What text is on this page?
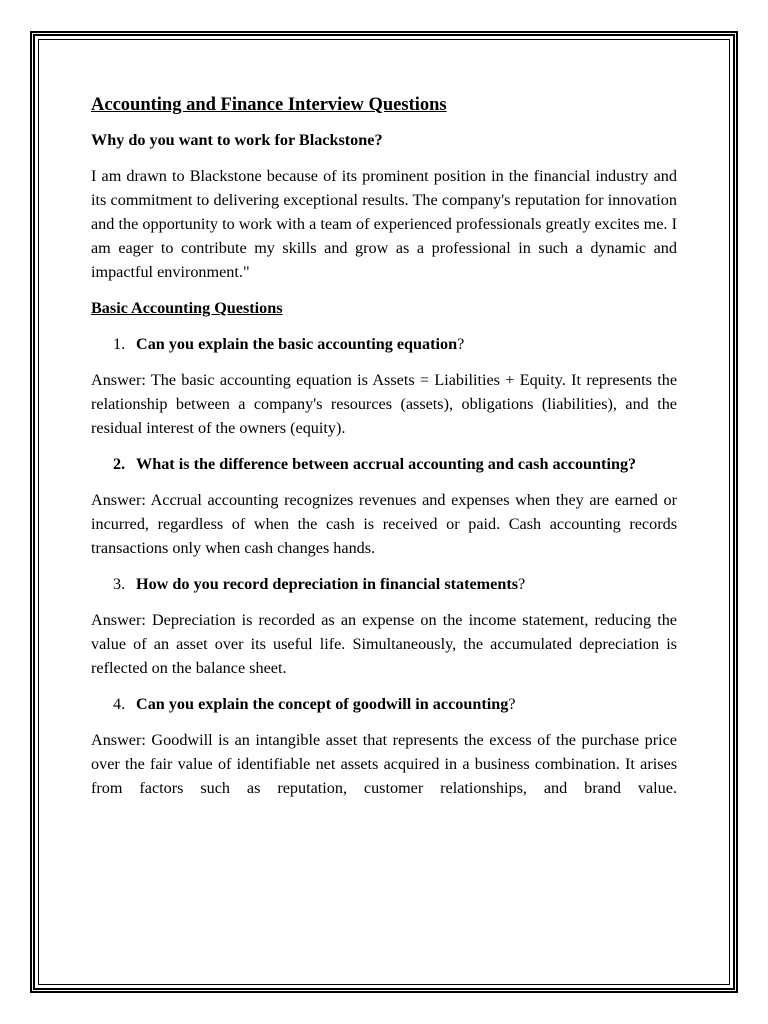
Accounting and Finance Interview Questions
Why do you want to work for Blackstone?
I am drawn to Blackstone because of its prominent position in the financial industry and its commitment to delivering exceptional results. The company's reputation for innovation and the opportunity to work with a team of experienced professionals greatly excites me. I am eager to contribute my skills and grow as a professional in such a dynamic and impactful environment."
Basic Accounting Questions
1. Can you explain the basic accounting equation?
Answer: The basic accounting equation is Assets = Liabilities + Equity. It represents the relationship between a company's resources (assets), obligations (liabilities), and the residual interest of the owners (equity).
2. What is the difference between accrual accounting and cash accounting?
Answer: Accrual accounting recognizes revenues and expenses when they are earned or incurred, regardless of when the cash is received or paid. Cash accounting records transactions only when cash changes hands.
3. How do you record depreciation in financial statements?
Answer: Depreciation is recorded as an expense on the income statement, reducing the value of an asset over its useful life. Simultaneously, the accumulated depreciation is reflected on the balance sheet.
4. Can you explain the concept of goodwill in accounting?
Answer: Goodwill is an intangible asset that represents the excess of the purchase price over the fair value of identifiable net assets acquired in a business combination. It arises from factors such as reputation, customer relationships, and brand value.
